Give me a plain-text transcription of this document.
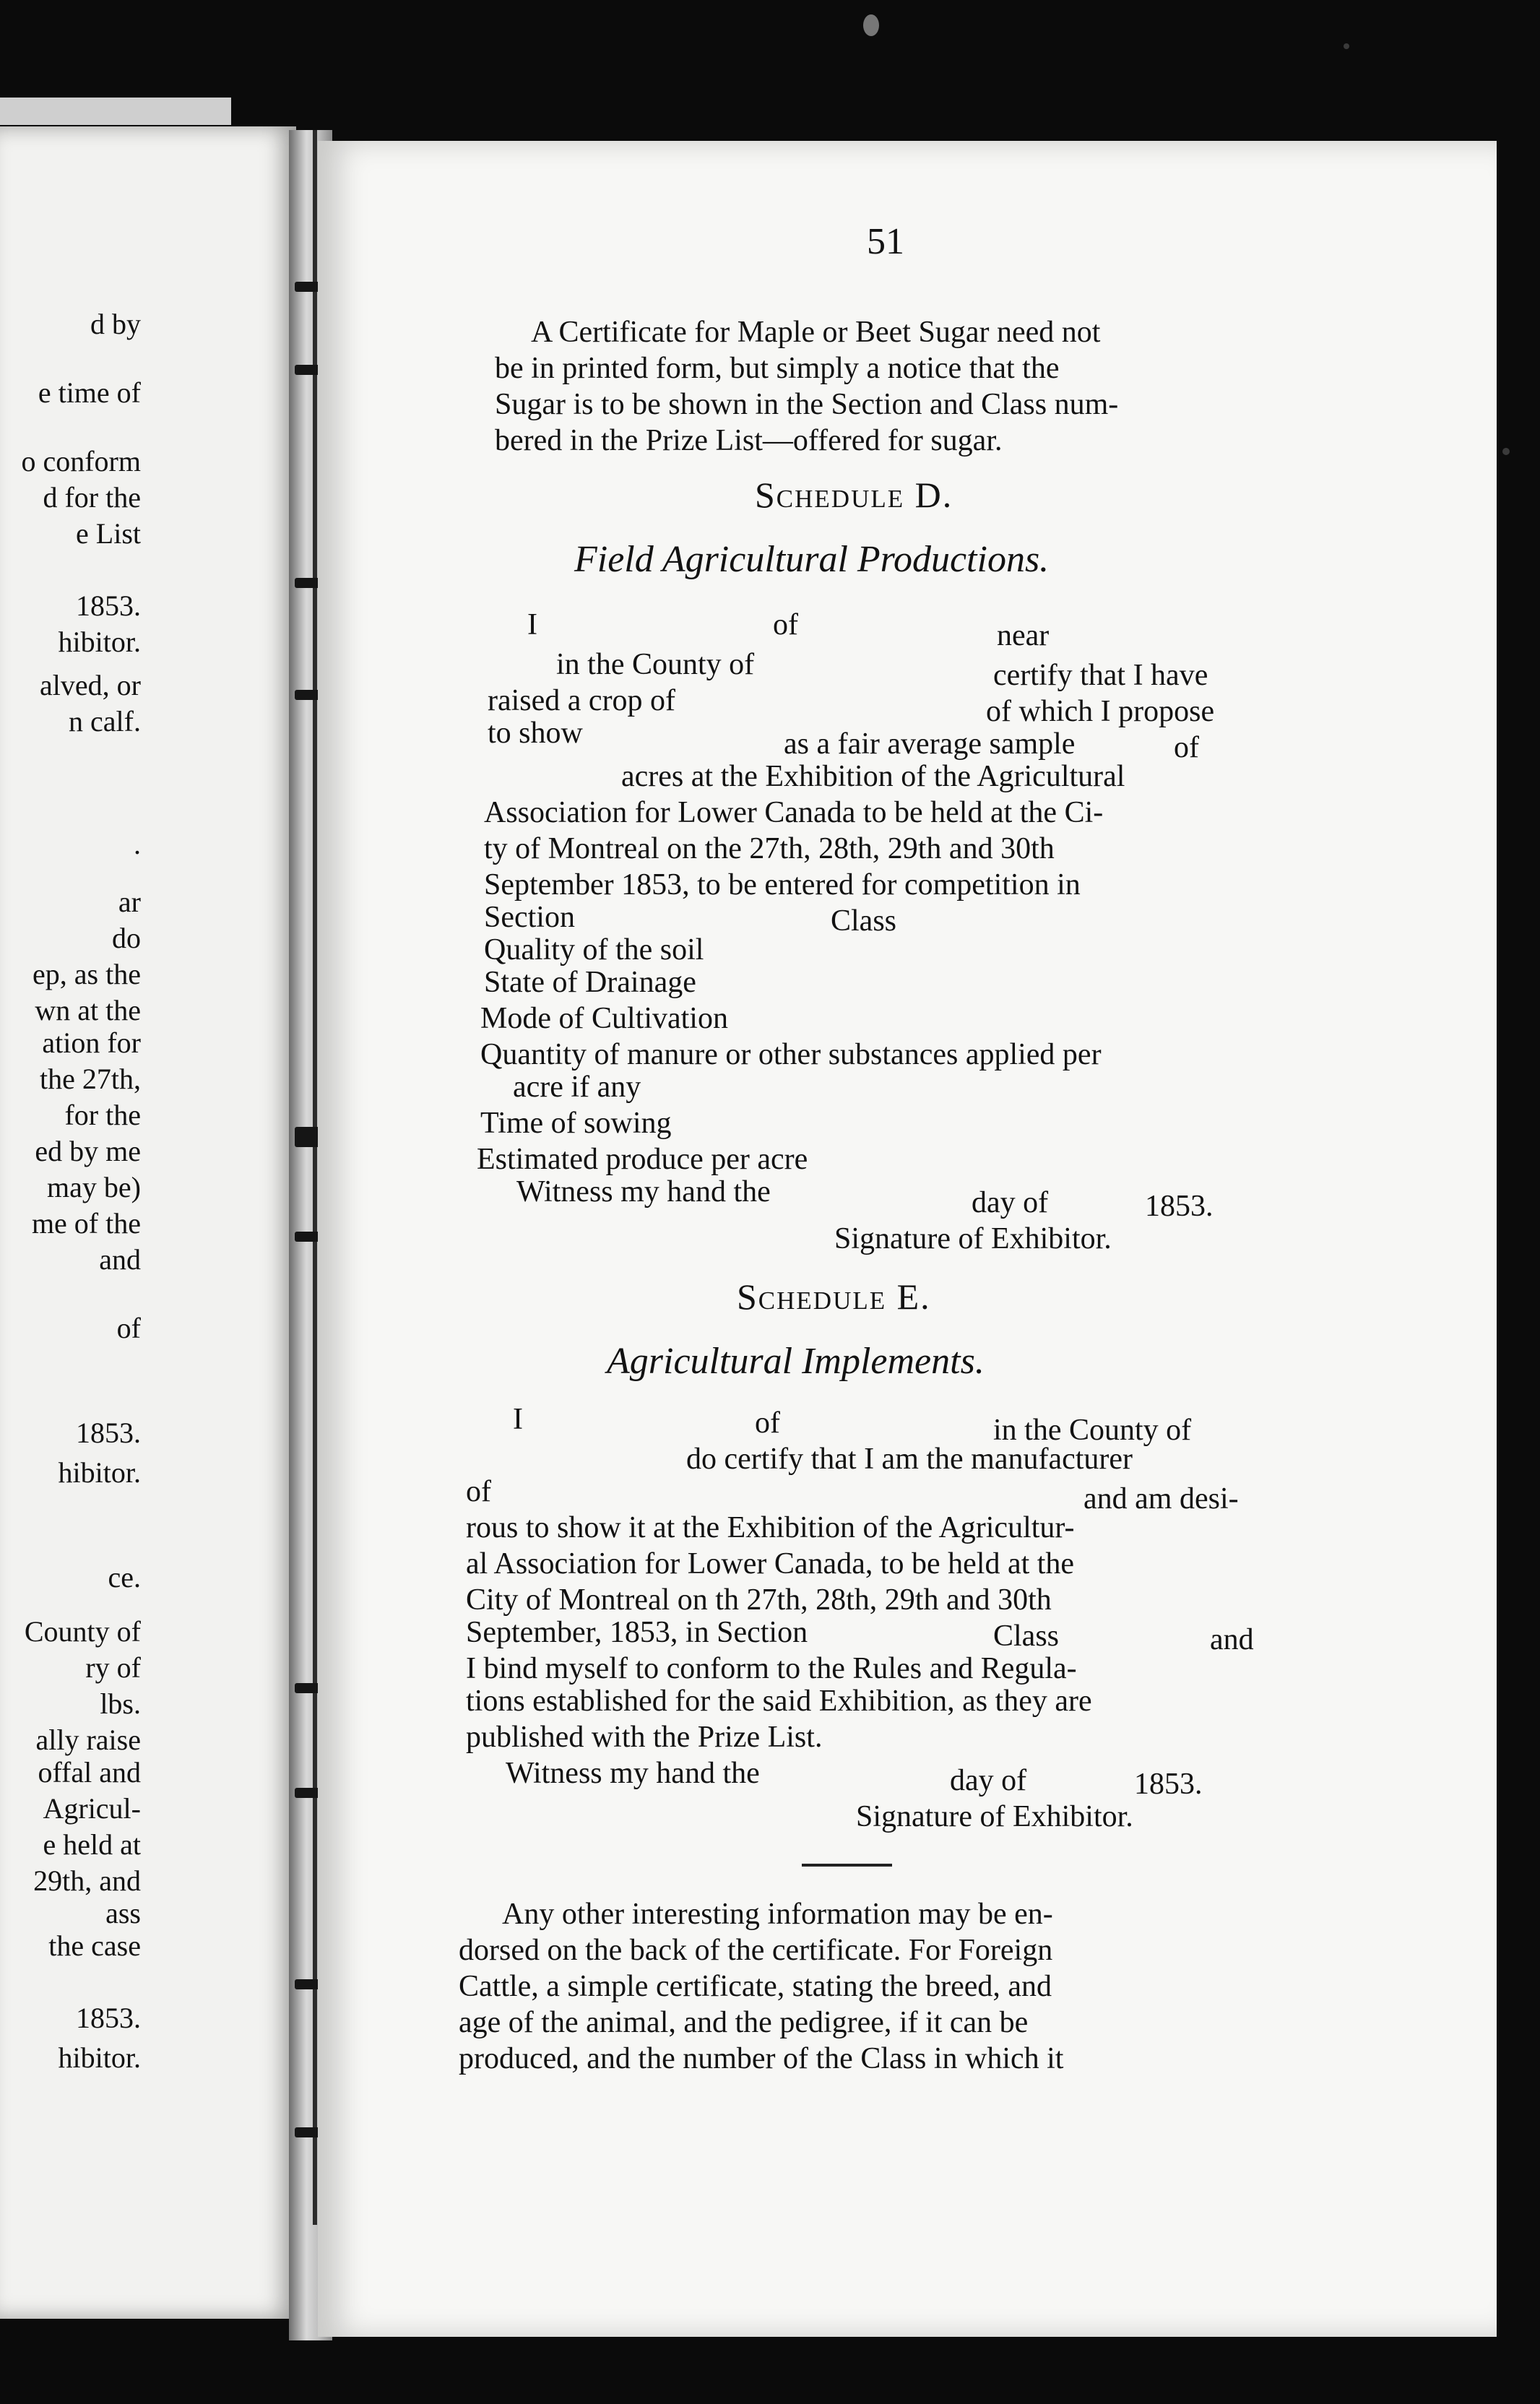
d by
e time of
o conform
d for the
e List
1853.
hibitor.
alved, or
n calf.
.
ar
do
ep, as the
wn at the
ation for
the 27th,
for the
ed by me
may be)
me of the
and
of
1853.
hibitor.
ce.
County of
ry of
lbs.
ally raise
offal and
Agricul-
e held at
29th, and
ass
the case
1853.
hibitor.
51
A Certificate for Maple or Beet Sugar need not
be in printed form, but simply a notice that the
Sugar is to be shown in the Section and Class num-
bered in the Prize List—offered for sugar.
Schedule D.
Field Agricultural Productions.
I	of	near
in the County of	certify that I have
raised a crop of	of which I propose
to show	as a fair average sample	of
acres at the Exhibition of the Agricultural
Association for Lower Canada to be held at the Ci-
ty of Montreal on the 27th, 28th, 29th and 30th
September 1853, to be entered for competition in
Section	Class
Quality of the soil
State of Drainage
Mode of Cultivation
Quantity of manure or other substances applied per
acre if any
Time of sowing
Estimated produce per acre
Witness my hand the	day of	1853.
Signature of Exhibitor.
Schedule E.
Agricultural Implements.
I	of	in the County of
do certify that I am the manufacturer
of	and am desi-
rous to show it at the Exhibition of the Agricultur-
al Association for Lower Canada, to be held at the
City of Montreal on th 27th, 28th, 29th and 30th
September, 1853, in Section	Class	and
I bind myself to conform to the Rules and Regula-
tions established for the said Exhibition, as they are
published with the Prize List.
Witness my hand the	day of	1853.
Signature of Exhibitor.
Any other interesting information may be en-
dorsed on the back of the certificate. For Foreign
Cattle, a simple certificate, stating the breed, and
age of the animal, and the pedigree, if it can be
produced, and the number of the Class in which it
